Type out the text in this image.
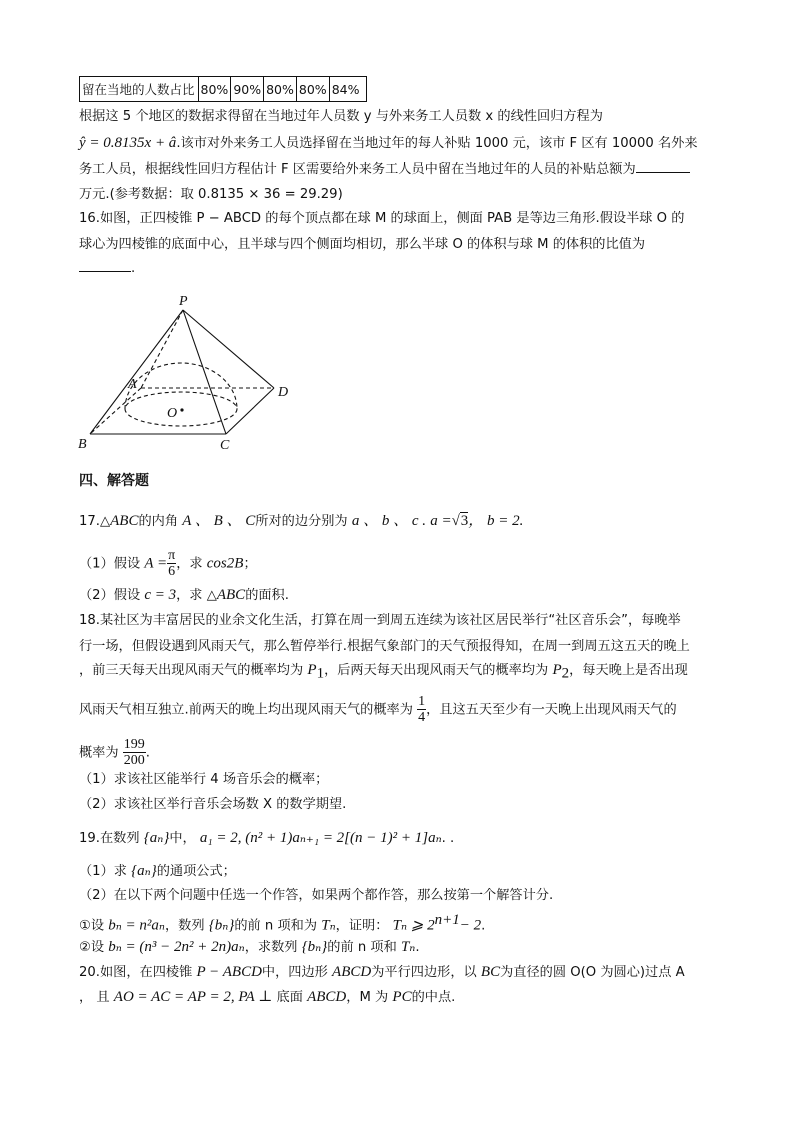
留在当地的人数占比	80%	90%	80%	80%	84%
根据这 5 个地区的数据求得留在当地过年人员数 y 与外来务工人员数 x 的线性回归方程为
ŷ = 0.8135x + â.该市对外来务工人员选择留在当地过年的每人补贴 1000 元，该市 F 区有 10000 名外来
务工人员，根据线性回归方程估计 F 区需要给外来务工人员中留在当地过年的人员的补贴总额为
万元.(参考数据：取 0.8135 × 36 = 29.29)
16.如图，正四棱锥 P − ABCD 的每个顶点都在球 M 的球面上，侧面 PAB 是等边三角形.假设半球 O 的
球心为四棱锥的底面中心，且半球与四个侧面均相切，那么半球 O 的体积与球 M 的体积的比值为
.
P
A
B	C
D
O
四、解答题
17.△ABC的内角 A 、 B 、 C所对的边分别为 a 、 b 、 c . a =√3， b = 2.
（1）假设 $A = \frac{\pi}{6}$ ，求 cos2B；
（2）假设 c = 3，求 △ABC的面积.
18.某社区为丰富居民的业余文化生活，打算在周一到周五连续为该社区居民举行“社区音乐会”，每晚举
行一场，但假设遇到风雨天气，那么暂停举行.根据气象部门的天气预报得知，在周一到周五这五天的晚上
，前三天每天出现风雨天气的概率均为 $P_1$，后两天每天出现风雨天气的概率均为 $P_2$，每天晚上是否出现
风雨天气相互独立.前两天的晚上均出现风雨天气的概率为 $\frac{1}{4}$ ，且这五天至少有一天晚上出现风雨天气的
概率为 $\frac{199}{200}$ .
（1）求该社区能举行 4 场音乐会的概率；
（2）求该社区举行音乐会场数 X 的数学期望.
19.在数列 {aₙ}中， a₁ = 2, (n² + 1)aₙ₊₁ = 2[(n − 1)² + 1]aₙ. .
（1）求 {aₙ}的通项公式；
（2）在以下两个问题中任选一个作答，如果两个都作答，那么按第一个解答计分.
①设 bₙ = n²aₙ，数列 {bₙ}的前 n 项和为 Tₙ，证明： Tₙ ⩾ $2^{n+1}- 2$.
②设 bₙ = (n³ − 2n² + 2n)aₙ，求数列 {bₙ}的前 n 项和 Tₙ.
20.如图，在四棱锥 P − ABCD中，四边形 ABCD为平行四边形，以 BC为直径的圆 O(O 为圆心)过点 A
， 且 AO = AC = AP = 2, PA ⊥ 底面 ABCD，M 为 PC的中点.
